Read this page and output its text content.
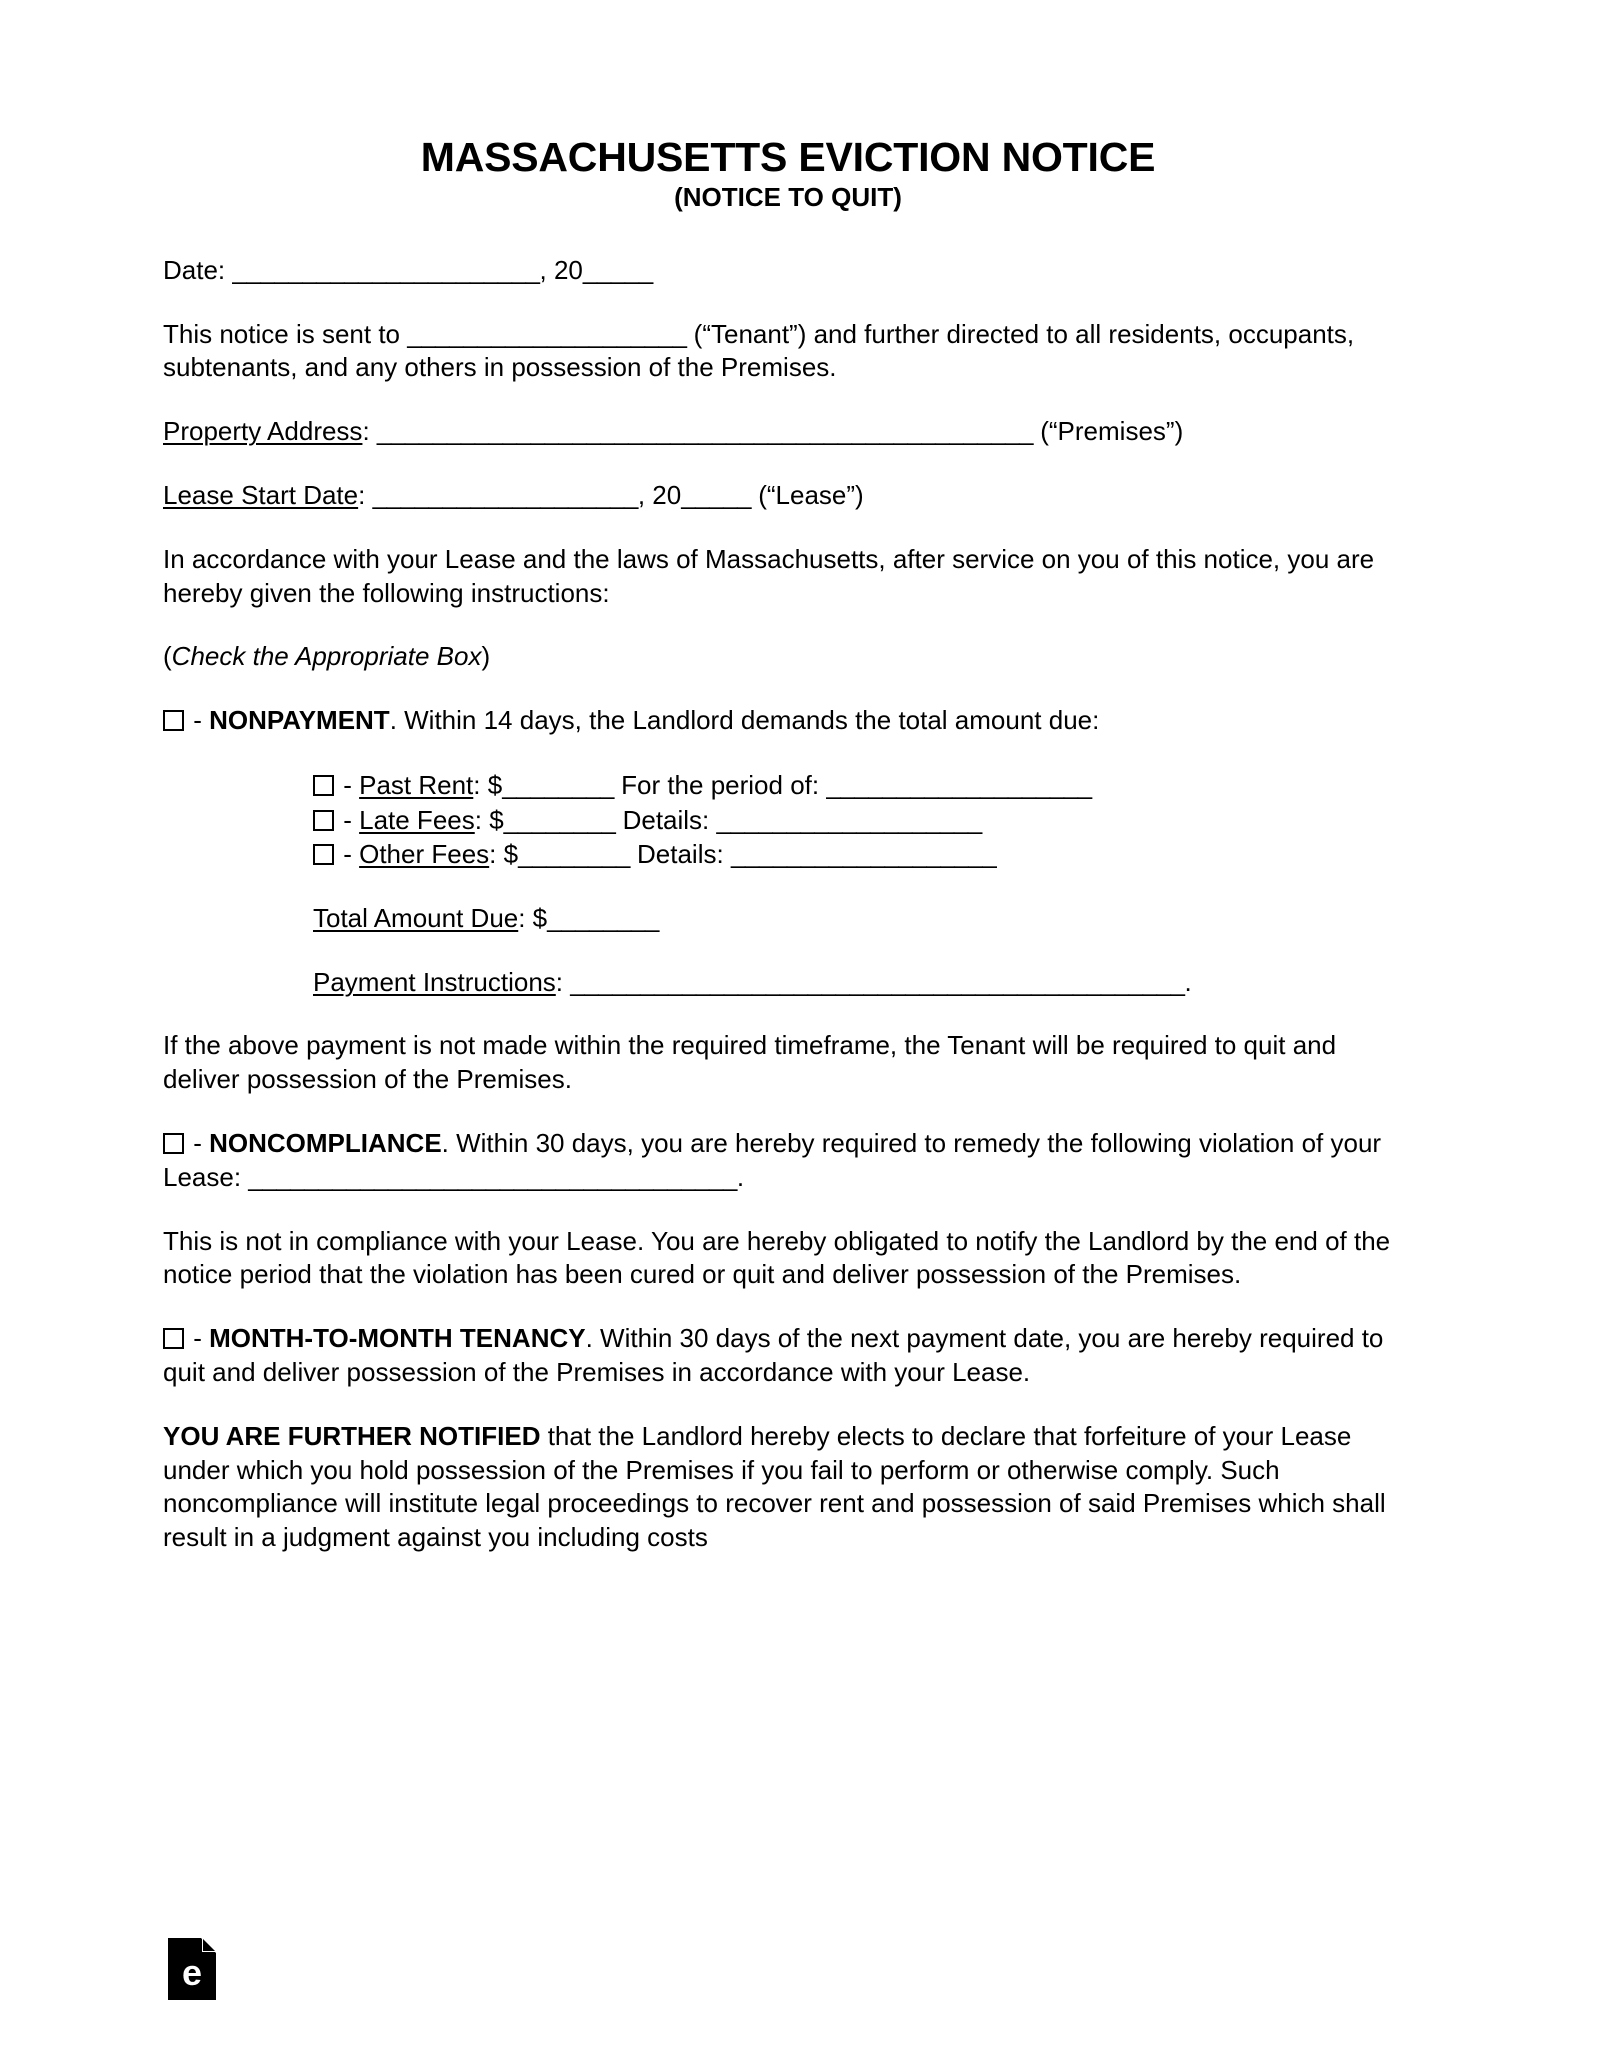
MASSACHUSETTS EVICTION NOTICE
(NOTICE TO QUIT)
Date: ______________________, 20_____
This notice is sent to ____________________ (“Tenant”) and further directed to all residents, occupants, subtenants, and any others in possession of the Premises.
Property Address: _______________________________________________ (“Premises”)
Lease Start Date: ___________________, 20_____ (“Lease”)

In accordance with your Lease and the laws of Massachusetts, after service on you of this notice, you are hereby given the following instructions:

(Check the Appropriate Box)
- NONPAYMENT. Within 14 days, the Landlord demands the total amount due:
- Past Rent: $________ For the period of: ___________________
- Late Fees: $________ Details: ___________________
- Other Fees: $________ Details: ___________________
Total Amount Due: $________
Payment Instructions: ____________________________________________.

If the above payment is not made within the required timeframe, the Tenant will be required to quit and deliver possession of the Premises.

- NONCOMPLIANCE. Within 30 days, you are hereby required to remedy the following violation of your Lease: ___________________________________.

This is not in compliance with your Lease. You are hereby obligated to notify the Landlord by the end of the notice period that the violation has been cured or quit and deliver possession of the Premises.

- MONTH-TO-MONTH TENANCY. Within 30 days of the next payment date, you are hereby required to quit and deliver possession of the Premises in accordance with your Lease.
YOU ARE FURTHER NOTIFIED that the Landlord hereby elects to declare that forfeiture of your Lease under which you hold possession of the Premises if you fail to perform or otherwise comply. Such noncompliance will institute legal proceedings to recover rent and possession of said Premises which shall result in a judgment against you including costs
e
